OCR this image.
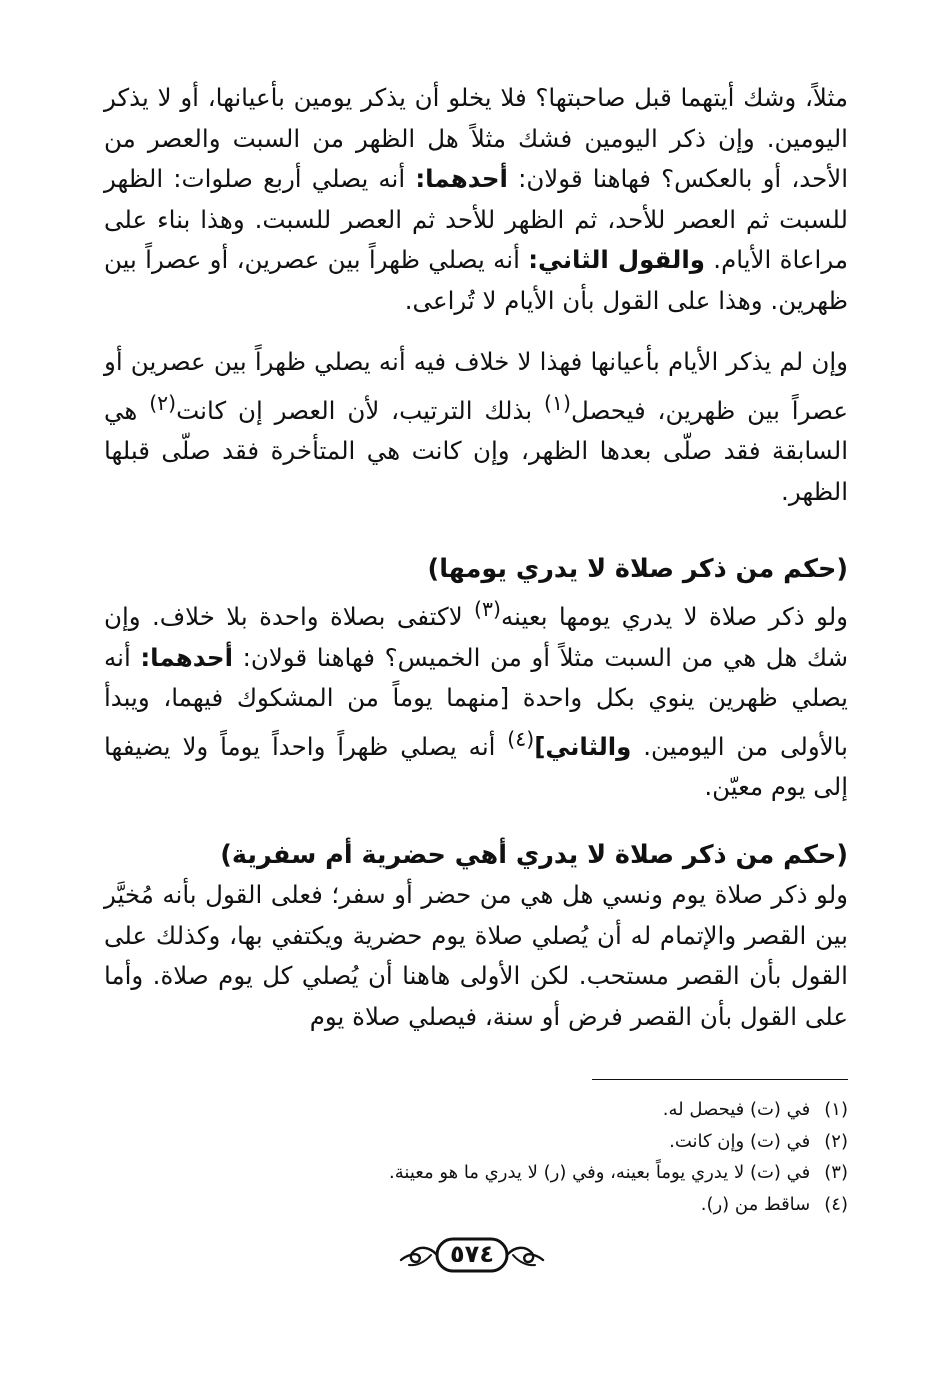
مثلاً، وشك أيتهما قبل صاحبتها؟ فلا يخلو أن يذكر يومين بأعيانها، أو لا يذكر اليومين. وإن ذكر اليومين فشك مثلاً هل الظهر من السبت والعصر من الأحد، أو بالعكس؟ فهاهنا قولان: أحدهما: أنه يصلي أربع صلوات: الظهر للسبت ثم العصر للأحد، ثم الظهر للأحد ثم العصر للسبت. وهذا بناء على مراعاة الأيام. والقول الثاني: أنه يصلي ظهراً بين عصرين، أو عصراً بين ظهرين. وهذا على القول بأن الأيام لا تُراعى.

وإن لم يذكر الأيام بأعيانها فهذا لا خلاف فيه أنه يصلي ظهراً بين عصرين أو عصراً بين ظهرين، فيحصل$^{(١)}$ بذلك الترتيب، لأن العصر إن كانت$^{(٢)}$ هي السابقة فقد صلّى بعدها الظهر، وإن كانت هي المتأخرة فقد صلّى قبلها الظهر.

(حكم من ذكر صلاة لا يدري يومها)

ولو ذكر صلاة لا يدري يومها بعينه$^{(٣)}$ لاكتفى بصلاة واحدة بلا خلاف. وإن شك هل هي من السبت مثلاً أو من الخميس؟ فهاهنا قولان: أحدهما: أنه يصلي ظهرين ينوي بكل واحدة [منهما يوماً من المشكوك فيهما، ويبدأ بالأولى من اليومين. والثاني]$^{(٤)}$ أنه يصلي ظهراً واحداً يوماً ولا يضيفها إلى يوم معيّن.

(حكم من ذكر صلاة لا يدري أهي حضرية أم سفرية)

ولو ذكر صلاة يوم ونسي هل هي من حضر أو سفر؛ فعلى القول بأنه مُخيَّر بين القصر والإتمام له أن يُصلي صلاة يوم حضرية ويكتفي بها، وكذلك على القول بأن القصر مستحب. لكن الأولى هاهنا أن يُصلي كل يوم صلاة. وأما على القول بأن القصر فرض أو سنة، فيصلي صلاة يوم

(١)في (ت) فيحصل له.

(٢)في (ت) وإن كانت.

(٣)في (ت) لا يدري يوماً بعينه، وفي (ر) لا يدري ما هو معينة.

(٤)ساقط من (ر).

٥٧٤
